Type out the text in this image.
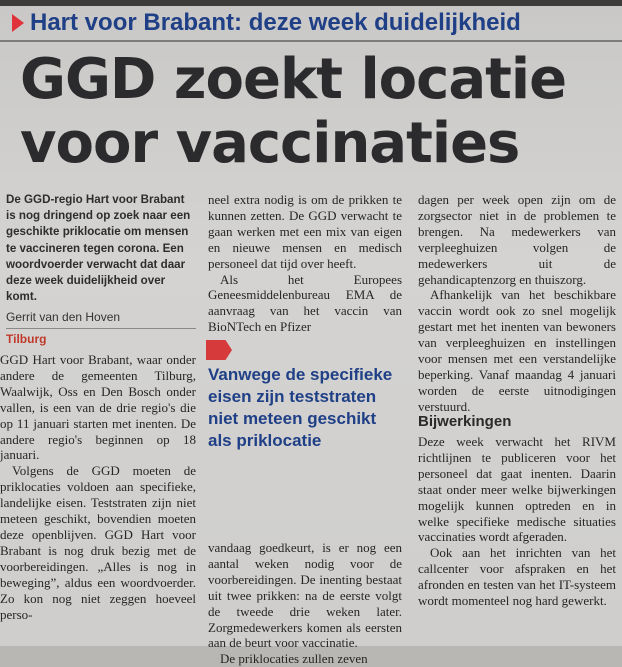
Hart voor Brabant: deze week duidelijkheid
GGD zoekt locatie
voor vaccinaties
De GGD-regio Hart voor Brabant is nog dringend op zoek naar een geschikte priklocatie om mensen te vaccineren tegen corona. Een woordvoerder verwacht dat daar deze week duidelijkheid over komt.
Gerrit van den Hoven
Tilburg

GGD Hart voor Brabant, waar onder andere de gemeenten Tilburg, Waalwijk, Oss en Den Bosch onder vallen, is een van de drie regio's die op 11 januari starten met inenten. De andere regio's beginnen op 18 januari.

Volgens de GGD moeten de priklocaties voldoen aan specifieke, landelijke eisen. Teststraten zijn niet meteen geschikt, bovendien moeten deze openblijven. GGD Hart voor Brabant is nog druk bezig met de voorbereidingen. „Alles is nog in beweging”, aldus een woordvoerder. Zo kon nog niet zeggen hoeveel perso-

neel extra nodig is om de prikken te kunnen zetten. De GGD verwacht te gaan werken met een mix van eigen en nieuwe mensen en medisch personeel dat tijd over heeft.

Als het Europees Geneesmiddelenbureau EMA de aanvraag van het vaccin van BioNTech en Pfizer

Vanwege de specifieke eisen zijn teststraten niet meteen geschikt als priklocatie

vandaag goedkeurt, is er nog een aantal weken nodig voor de voorbereidingen. De inenting bestaat uit twee prikken: na de eerste volgt de tweede drie weken later. Zorgmedewerkers komen als eersten aan de beurt voor vaccinatie.

De priklocaties zullen zeven

dagen per week open zijn om de zorgsector niet in de problemen te brengen. Na medewerkers van verpleeghuizen volgen de medewerkers uit de gehandicaptenzorg en thuiszorg.

Afhankelijk van het beschikbare vaccin wordt ook zo snel mogelijk gestart met het inenten van bewoners van verpleeghuizen en instellingen voor mensen met een verstandelijke beperking. Vanaf maandag 4 januari worden de eerste uitnodigingen verstuurd.

Bijwerkingen

Deze week verwacht het RIVM richtlijnen te publiceren voor het personeel dat gaat inenten. Daarin staat onder meer welke bijwerkingen mogelijk kunnen optreden en in welke specifieke medische situaties vaccinaties wordt afgeraden.

Ook aan het inrichten van het callcenter voor afspraken en het afronden en testen van het IT-systeem wordt momenteel nog hard gewerkt.
